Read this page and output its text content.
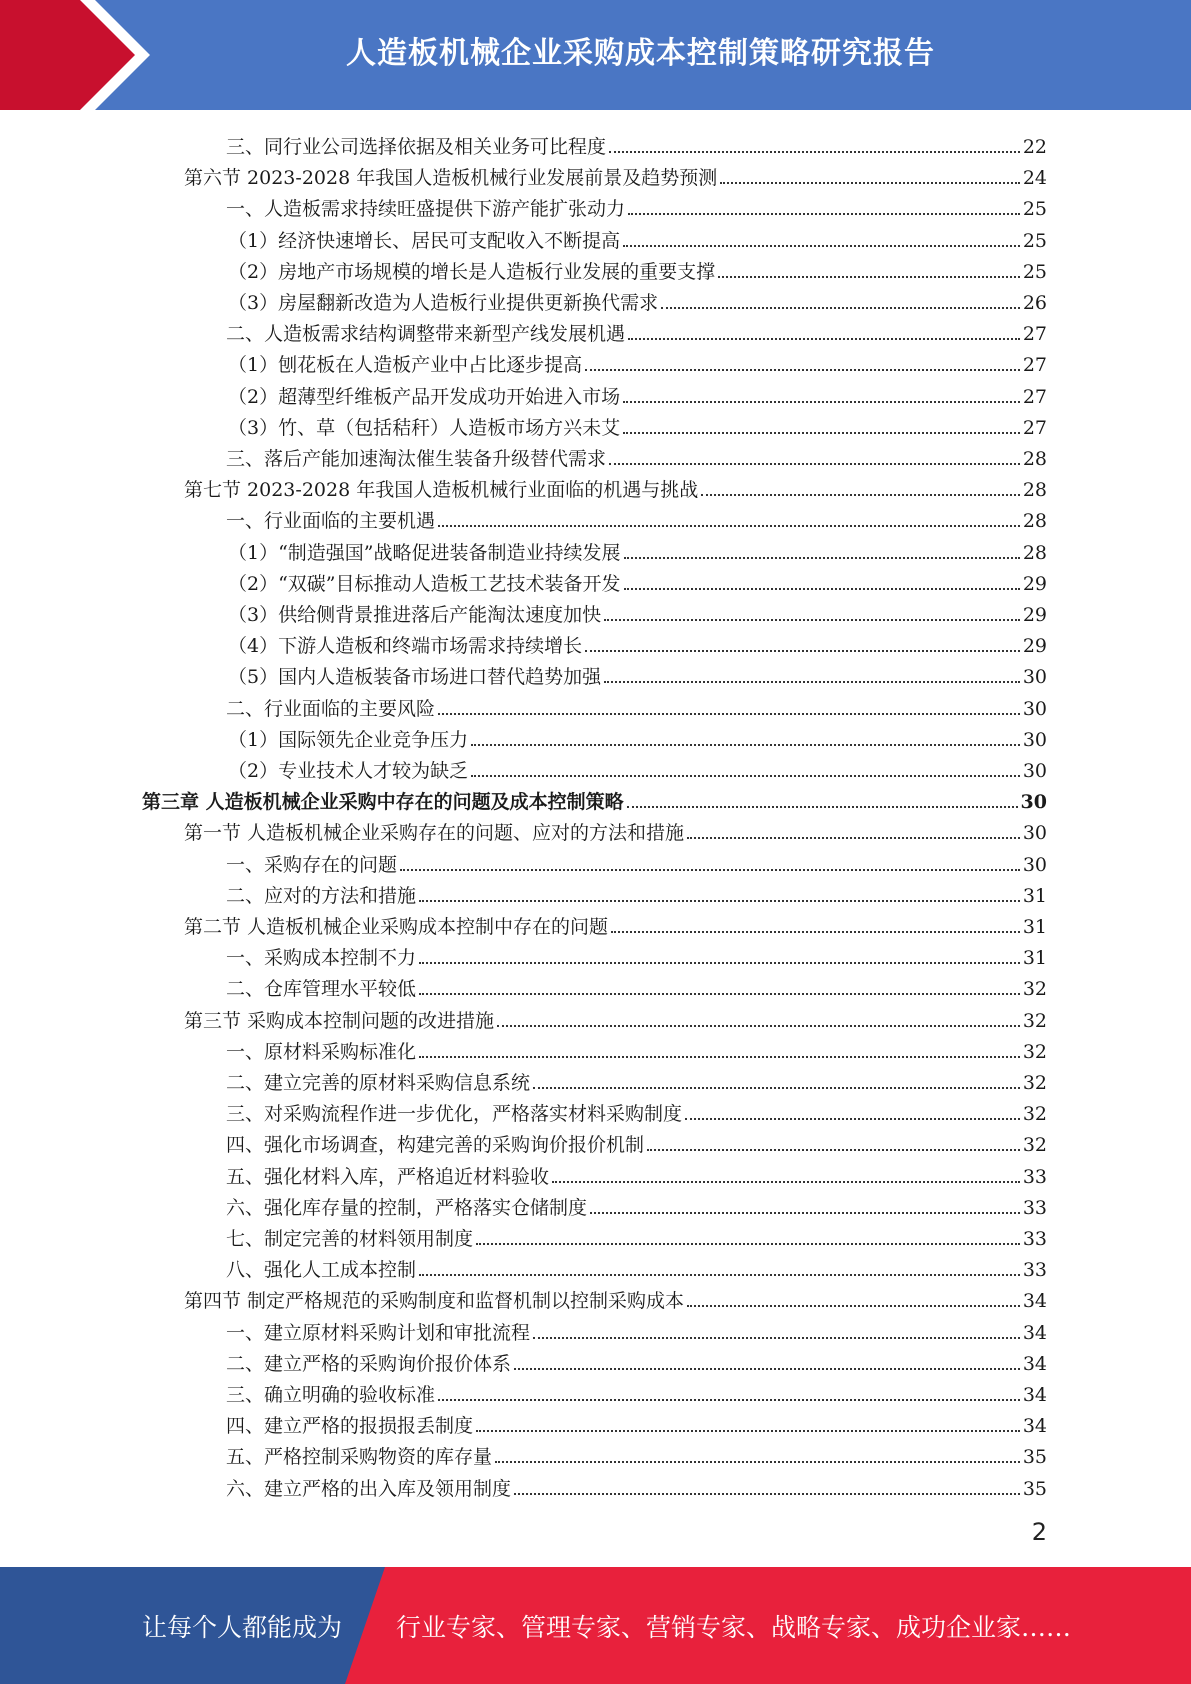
人造板机械企业采购成本控制策略研究报告
三、同行业公司选择依据及相关业务可比程度	22
第六节 2023-2028 年我国人造板机械行业发展前景及趋势预测	24
一、人造板需求持续旺盛提供下游产能扩张动力	25
（1）经济快速增长、居民可支配收入不断提高	25
（2）房地产市场规模的增长是人造板行业发展的重要支撑	25
（3）房屋翻新改造为人造板行业提供更新换代需求	26
二、人造板需求结构调整带来新型产线发展机遇	27
（1）刨花板在人造板产业中占比逐步提高	27
（2）超薄型纤维板产品开发成功开始进入市场	27
（3）竹、草（包括秸秆）人造板市场方兴未艾	27
三、落后产能加速淘汰催生装备升级替代需求	28
第七节 2023-2028 年我国人造板机械行业面临的机遇与挑战	28
一、行业面临的主要机遇	28
（1）“制造强国”战略促进装备制造业持续发展	28
（2）“双碳”目标推动人造板工艺技术装备开发	29
（3）供给侧背景推进落后产能淘汰速度加快	29
（4）下游人造板和终端市场需求持续增长	29
（5）国内人造板装备市场进口替代趋势加强	30
二、行业面临的主要风险	30
（1）国际领先企业竞争压力	30
（2）专业技术人才较为缺乏	30
第三章 人造板机械企业采购中存在的问题及成本控制策略	30
第一节 人造板机械企业采购存在的问题、应对的方法和措施	30
一、采购存在的问题	30
二、应对的方法和措施	31
第二节 人造板机械企业采购成本控制中存在的问题	31
一、采购成本控制不力	31
二、仓库管理水平较低	32
第三节 采购成本控制问题的改进措施	32
一、原材料采购标准化	32
二、建立完善的原材料采购信息系统	32
三、对采购流程作进一步优化，严格落实材料采购制度	32
四、强化市场调查，构建完善的采购询价报价机制	32
五、强化材料入库，严格追近材料验收	33
六、强化库存量的控制，严格落实仓储制度	33
七、制定完善的材料领用制度	33
八、强化人工成本控制	33
第四节 制定严格规范的采购制度和监督机制以控制采购成本	34
一、建立原材料采购计划和审批流程	34
二、建立严格的采购询价报价体系	34
三、确立明确的验收标准	34
四、建立严格的报损报丢制度	34
五、严格控制采购物资的库存量	35
六、建立严格的出入库及领用制度	35
2
让每个人都能成为 行业专家、管理专家、营销专家、战略专家、成功企业家……
